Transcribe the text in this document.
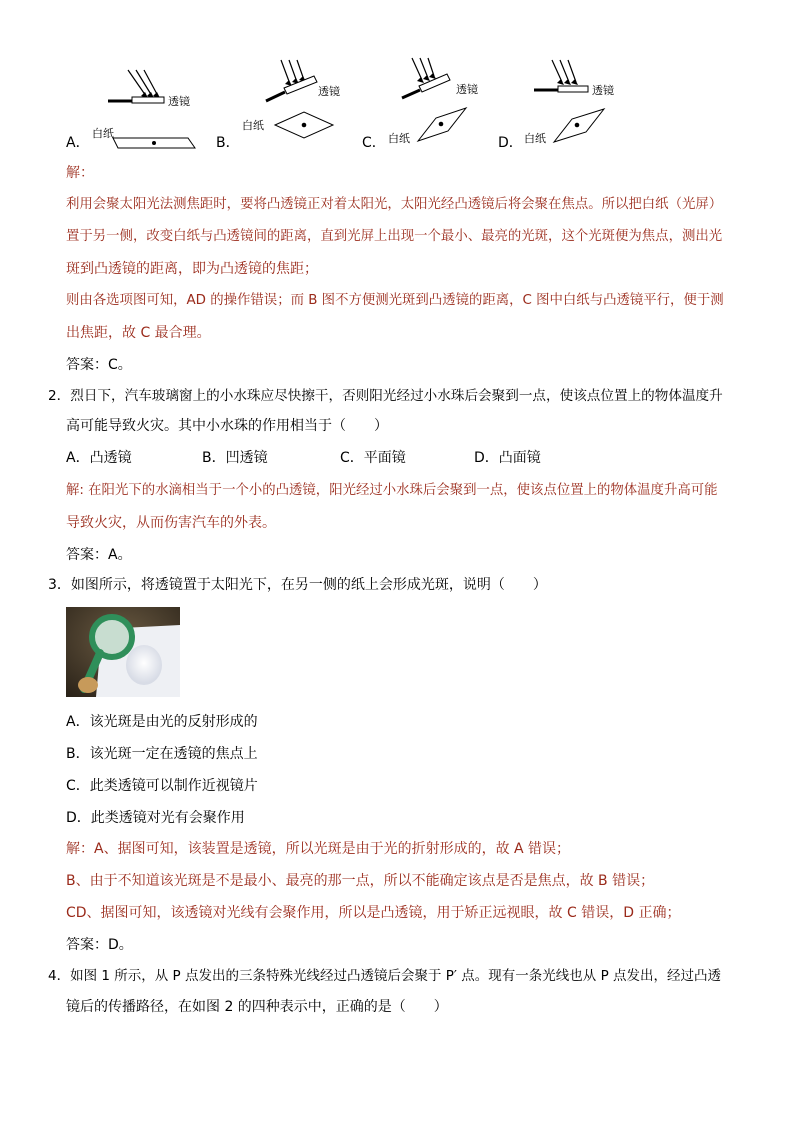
透镜
白纸
透镜
白纸
透镜
白纸
透镜
白纸
A．	B．	C．	D．
解：
利用会聚太阳光法测焦距时，要将凸透镜正对着太阳光，太阳光经凸透镜后将会聚在焦点。所以把白纸（光屏）
置于另一侧，改变白纸与凸透镜间的距离，直到光屏上出现一个最小、最亮的光斑，这个光斑便为焦点，测出光
斑到凸透镜的距离，即为凸透镜的焦距；
则由各选项图可知，AD 的操作错误；而 B 图不方便测光斑到凸透镜的距离，C 图中白纸与凸透镜平行，便于测
出焦距，故 C 最合理。
答案：C。
2．烈日下，汽车玻璃窗上的小水珠应尽快擦干，否则阳光经过小水珠后会聚到一点，使该点位置上的物体温度升
高可能导致火灾。其中小水珠的作用相当于（　　）
A．凸透镜	B．凹透镜	C．平面镜	D．凸面镜
解: 在阳光下的水滴相当于一个小的凸透镜，阳光经过小水珠后会聚到一点，使该点位置上的物体温度升高可能
导致火灾，从而伤害汽车的外表。
答案：A。
3．如图所示，将透镜置于太阳光下，在另一侧的纸上会形成光斑，说明（　　）
A．该光斑是由光的反射形成的
B．该光斑一定在透镜的焦点上
C．此类透镜可以制作近视镜片
D．此类透镜对光有会聚作用
解：A、据图可知，该装置是透镜，所以光斑是由于光的折射形成的，故 A 错误；
B、由于不知道该光斑是不是最小、最亮的那一点，所以不能确定该点是否是焦点，故 B 错误；
CD、据图可知，该透镜对光线有会聚作用，所以是凸透镜，用于矫正远视眼，故 C 错误，D 正确；
答案：D。
4．如图 1 所示，从 P 点发出的三条特殊光线经过凸透镜后会聚于 P′ 点。现有一条光线也从 P 点发出，经过凸透
镜后的传播路径，在如图 2 的四种表示中，正确的是（　　）
